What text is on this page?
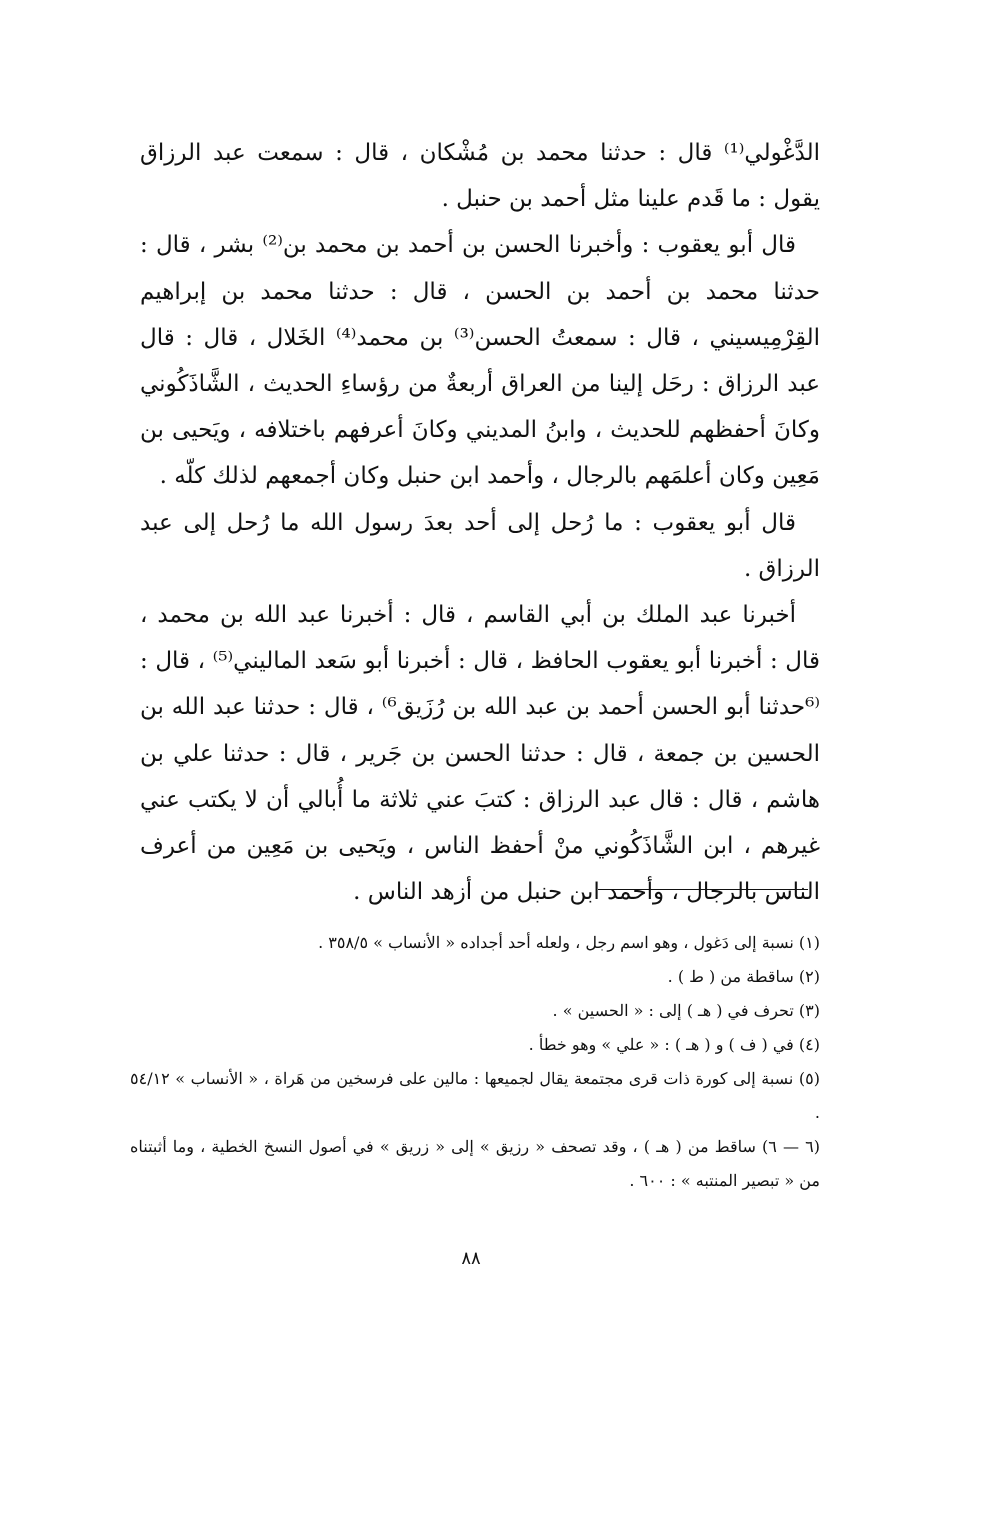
الدَّغْولي⁽¹⁾ قال : حدثنا محمد بن مُشْكان ، قال : سمعت عبد الرزاق يقول : ما قَدم علينا مثل أحمد بن حنبل .

قال أبو يعقوب : وأخبرنا الحسن بن أحمد بن محمد بن⁽²⁾ بشر ، قال : حدثنا محمد بن أحمد بن الحسن ، قال : حدثنا محمد بن إبراهيم القِرْمِيسيني ، قال : سمعتُ الحسن⁽³⁾ بن محمد⁽⁴⁾ الخَلال ، قال : قال عبد الرزاق : رحَل إلينا من العراق أربعةٌ من رؤساءِ الحديث ، الشَّاذَكُوني وكانَ أحفظهم للحديث ، وابنُ المديني وكانَ أعرفهم باختلافه ، ويَحيى بن مَعِين وكان أعلمَهم بالرجال ، وأحمد ابن حنبل وكان أجمعهم لذلك كلّه .

قال أبو يعقوب : ما رُحل إلى أحد بعدَ رسول الله ما رُحل إلى عبد الرزاق .

أخبرنا عبد الملك بن أبي القاسم ، قال : أخبرنا عبد الله بن محمد ، قال : أخبرنا أبو يعقوب الحافظ ، قال : أخبرنا أبو سَعد الماليني⁽⁵⁾ ، قال : ⁽⁶حدثنا أبو الحسن أحمد بن عبد الله بن رُزَيق⁶⁾ ، قال : حدثنا عبد الله بن الحسين بن جمعة ، قال : حدثنا الحسن بن جَرير ، قال : حدثنا علي بن هاشم ، قال : قال عبد الرزاق : كتبَ عني ثلاثة ما أُبالي أن لا يكتب عني غيرهم ، ابن الشَّاذَكُوني منْ أحفظ الناس ، ويَحيى بن مَعِين من أعرف الناس بالرجال ، وأحمد ابن حنبل من أزهد الناس .

(١) نسبة إلى دَغول ، وهو اسم رجل ، ولعله أحد أجداده « الأنساب » ٣٥٨/٥ .

(٢) ساقطة من ( ط ) .

(٣) تحرف في ( هـ ) إلى : « الحسين » .

(٤) في ( ف ) و ( هـ ) : « علي » وهو خطأ .

(٥) نسبة إلى كورة ذات قرى مجتمعة يقال لجميعها : مالين على فرسخين من هَراة ، « الأنساب » ٥٤/١٢ .

(٦ — ٦) ساقط من ( هـ ) ، وقد تصحف « رزيق » إلى « زريق » في أصول النسخ الخطية ، وما أثبتناه من « تبصير المنتبه » : ٦٠٠ .

٨٨
